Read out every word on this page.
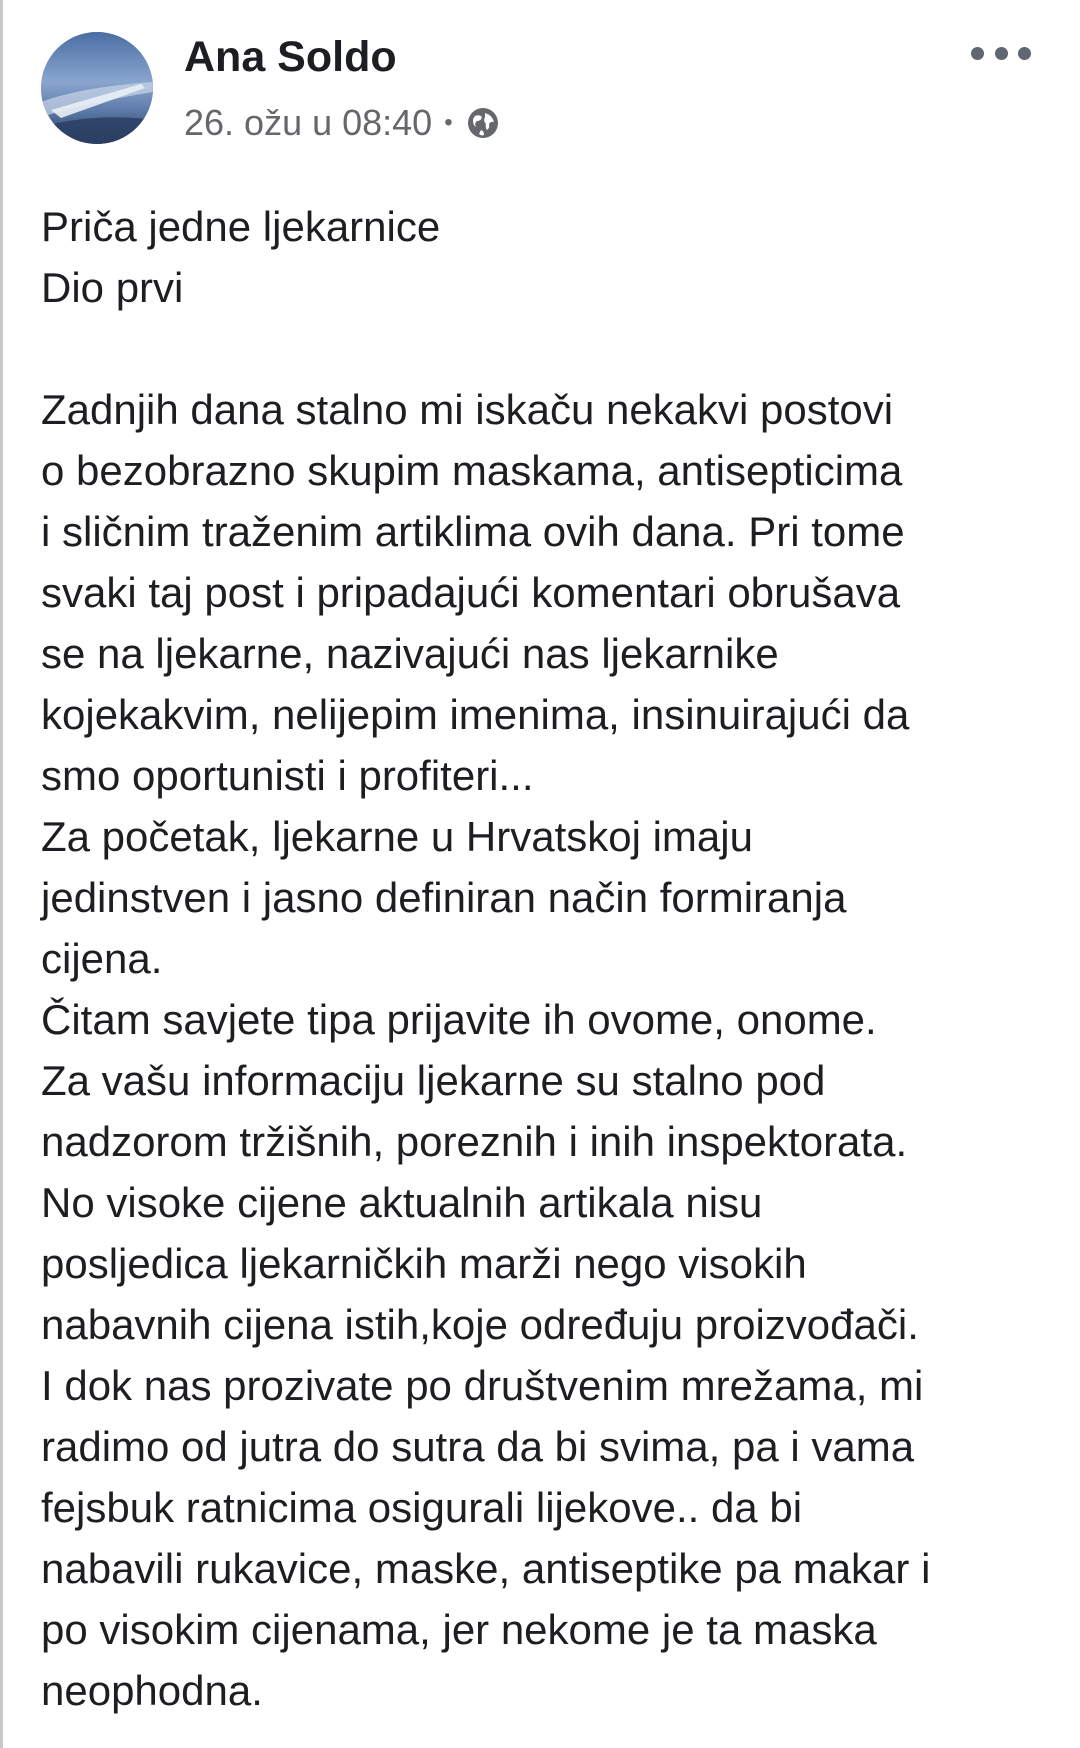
Ana Soldo
26. ožu u 08:40 •
Priča jedne ljekarnice
Dio prvi
Zadnjih dana stalno mi iskaču nekakvi postovi
o bezobrazno skupim maskama, antisepticima
i sličnim traženim artiklima ovih dana. Pri tome
svaki taj post i pripadajući komentari obrušava
se na ljekarne, nazivajući nas ljekarnike
kojekakvim, nelijepim imenima, insinuirajući da
smo oportunisti i profiteri...
Za početak, ljekarne u Hrvatskoj imaju
jedinstven i jasno definiran način formiranja
cijena.
Čitam savjete tipa prijavite ih ovome, onome.
Za vašu informaciju ljekarne su stalno pod
nadzorom tržišnih, poreznih i inih inspektorata.
No visoke cijene aktualnih artikala nisu
posljedica ljekarničkih marži nego visokih
nabavnih cijena istih,koje određuju proizvođači.
I dok nas prozivate po društvenim mrežama, mi
radimo od jutra do sutra da bi svima, pa i vama
fejsbuk ratnicima osigurali lijekove.. da bi
nabavili rukavice, maske, antiseptike pa makar i
po visokim cijenama, jer nekome je ta maska
neophodna.
